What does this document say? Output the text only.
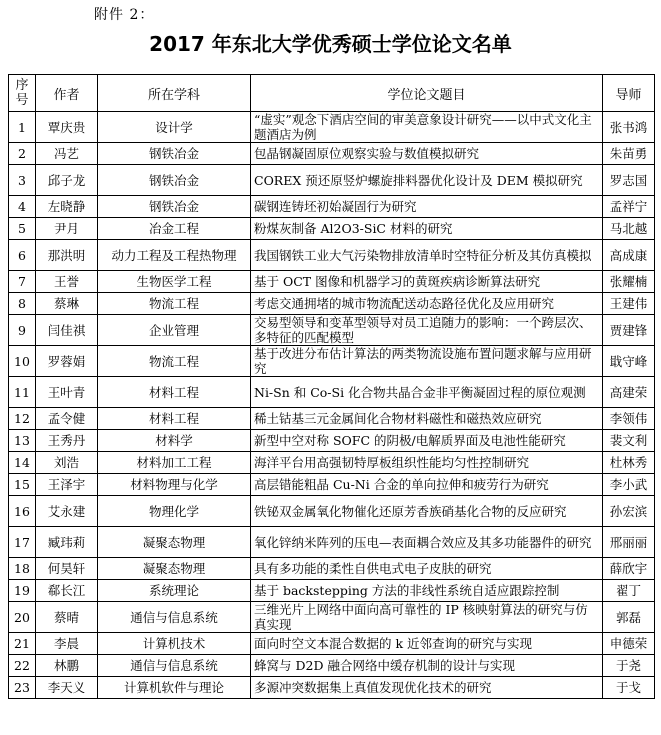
附件 2：
2017 年东北大学优秀硕士学位论文名单
序号	作者	所在学科	学位论文题目	导师
1	覃庆贵	设计学	“虚实”观念下酒店空间的审美意象设计研究——以中式文化主题酒店为例	张书鸿
2	冯艺	钢铁冶金	包晶钢凝固原位观察实验与数值模拟研究	朱苗勇
3	邱子龙	钢铁冶金	COREX 预还原竖炉螺旋排料器优化设计及 DEM 模拟研究	罗志国
4	左晓静	钢铁冶金	碳钢连铸坯初始凝固行为研究	孟祥宁
5	尹月	冶金工程	粉煤灰制备 Al2O3-SiC 材料的研究	马北越
6	那洪明	动力工程及工程热物理	我国钢铁工业大气污染物排放清单时空特征分析及其仿真模拟	高成康
7	王誉	生物医学工程	基于 OCT 图像和机器学习的黄斑疾病诊断算法研究	张耀楠
8	蔡琳	物流工程	考虑交通拥堵的城市物流配送动态路径优化及应用研究	王建伟
9	闫佳祺	企业管理	交易型领导和变革型领导对员工追随力的影响：一个跨层次、多特征的匹配模型	贾建锋
10	罗蓉娟	物流工程	基于改进分布估计算法的两类物流设施布置问题求解与应用研究	戢守峰
11	王叶青	材料工程	Ni-Sn 和 Co-Si 化合物共晶合金非平衡凝固过程的原位观测	高建荣
12	孟令健	材料工程	稀土钴基三元金属间化合物材料磁性和磁热效应研究	李领伟
13	王秀丹	材料学	新型中空对称 SOFC 的阴极/电解质界面及电池性能研究	裴文利
14	刘浩	材料加工工程	海洋平台用高强韧特厚板组织性能均匀性控制研究	杜林秀
15	王泽宇	材料物理与化学	高层错能粗晶 Cu-Ni 合金的单向拉伸和疲劳行为研究	李小武
16	艾永建	物理化学	铁铋双金属氧化物催化还原芳香族硝基化合物的反应研究	孙宏滨
17	臧玮莉	凝聚态物理	氧化锌纳米阵列的压电—表面耦合效应及其多功能器件的研究	邢丽丽
18	何昊轩	凝聚态物理	具有多功能的柔性自供电式电子皮肤的研究	薛欣宇
19	郗长江	系统理论	基于 backstepping 方法的非线性系统自适应跟踪控制	翟丁
20	蔡晴	通信与信息系统	三维光片上网络中面向高可靠性的 IP 核映射算法的研究与仿真实现	郭磊
21	李晨	计算机技术	面向时空文本混合数据的 k 近邻查询的研究与实现	申德荣
22	林鹏	通信与信息系统	蜂窝与 D2D 融合网络中缓存机制的设计与实现	于尧
23	李天义	计算机软件与理论	多源冲突数据集上真值发现优化技术的研究	于戈
